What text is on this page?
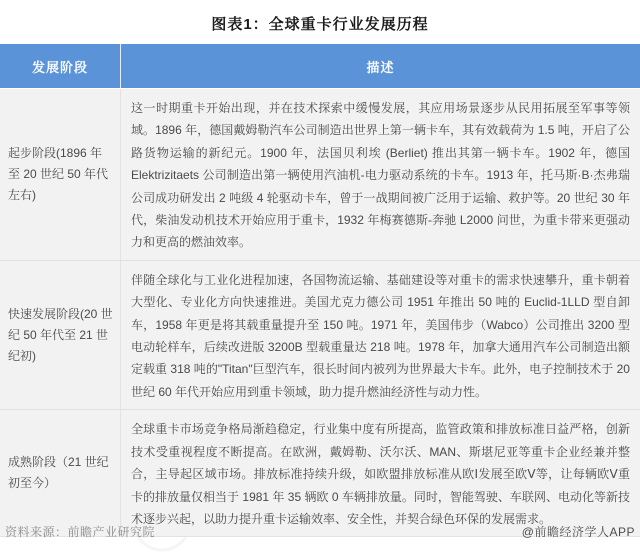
图表1：全球重卡行业发展历程
发展阶段	描述
起步阶段(1896 年至 20 世纪 50 年代左右)
这一时期重卡开始出现，并在技术探索中缓慢发展，其应用场景逐步从民用拓展至军事等领域。1896 年，德国戴姆勒汽车公司制造出世界上第一辆卡车，其有效载荷为 1.5 吨，开启了公路货物运输的新纪元。1900 年，法国贝利埃 (Berliet) 推出其第一辆卡车。1902 年，德国 Elektrizitaets 公司制造出第一辆使用汽油机-电力驱动系统的卡车。1913 年，托马斯·B·杰弗瑞公司成功研发出 2 吨级 4 轮驱动卡车，曾于一战期间被广泛用于运输、救护等。20 世纪 30 年代，柴油发动机技术开始应用于重卡，1932 年梅赛德斯-奔驰 L2000 问世，为重卡带来更强动力和更高的燃油效率。
快速发展阶段(20 世纪 50 年代至 21 世纪初)
伴随全球化与工业化进程加速，各国物流运输、基础建设等对重卡的需求快速攀升，重卡朝着大型化、专业化方向快速推进。美国尤克力德公司 1951 年推出 50 吨的 Euclid-1LLD 型自卸车，1958 年更是将其载重量提升至 150 吨。1971 年，美国伟步（Wabco）公司推出 3200 型电动轮样车，后续改进版 3200B 型载重量达 218 吨。1978 年，加拿大通用汽车公司制造出额定载重 318 吨的"Titan"巨型汽车，很长时间内被列为世界最大卡车。此外，电子控制技术于 20 世纪 60 年代开始应用到重卡领域，助力提升燃油经济性与动力性。
成熟阶段（21 世纪初至今）
全球重卡市场竞争格局渐趋稳定，行业集中度有所提高，监管政策和排放标准日益严格，创新技术受重视程度不断提高。在欧洲，戴姆勒、沃尔沃、MAN、斯堪尼亚等重卡企业经兼并整合，主导起区域市场。排放标准持续升级，如欧盟排放标准从欧Ⅰ发展至欧Ⅴ等，让每辆欧Ⅴ重卡的排放量仅相当于 1981 年 35 辆欧 0 车辆排放量。同时，智能驾驶、车联网、电动化等新技术逐步兴起，以助力提升重卡运输效率、安全性，并契合绿色环保的发展需求。
资料来源：前瞻产业研究院	@前瞻经济学人APP
